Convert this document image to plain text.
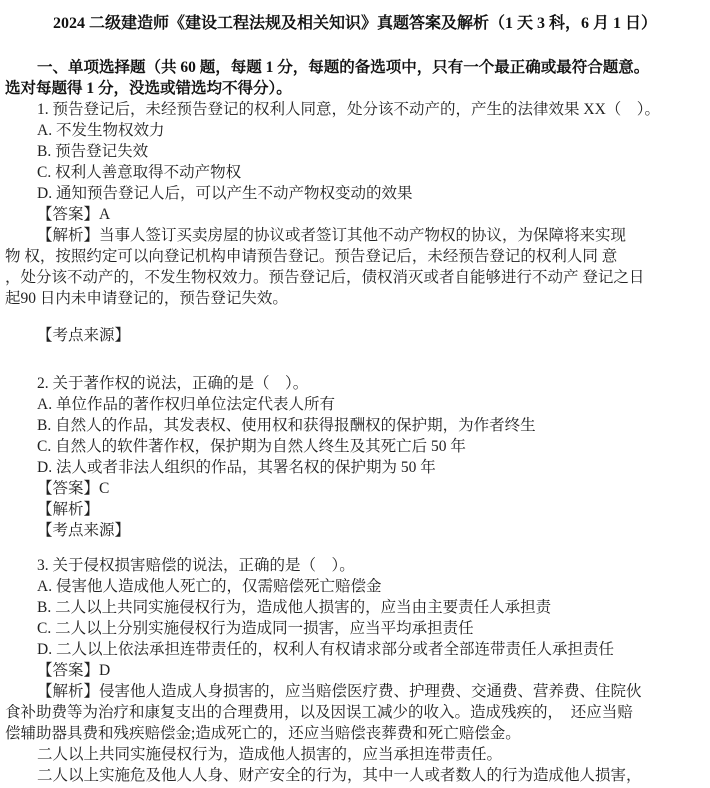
2024 二级建造师《建设工程法规及相关知识》真题答案及解析（1 天 3 科，6 月 1 日）

一、单项选择题（共 60 题，每题 1 分，每题的备选项中，只有一个最正确或最符合题意。

选对每题得 1 分，没选或错选均不得分）。

1. 预告登记后，未经预告登记的权利人同意，处分该不动产的，产生的法律效果 XX（　）。

A. 不发生物权效力

B. 预告登记失效

C. 权利人善意取得不动产物权

D. 通知预告登记人后，可以产生不动产物权变动的效果

【答案】A

【解析】当事人签订买卖房屋的协议或者签订其他不动产物权的协议，为保障将来实现

物 权，按照约定可以向登记机构申请预告登记。预告登记后，未经预告登记的权利人同 意

，处分该不动产的，不发生物权效力。预告登记后，债权消灭或者自能够进行不动产 登记之日

起90 日内未申请登记的，预告登记失效。

【考点来源】

2. 关于著作权的说法，正确的是（　）。

A. 单位作品的著作权归单位法定代表人所有

B. 自然人的作品，其发表权、使用权和获得报酬权的保护期，为作者终生

C. 自然人的软件著作权，保护期为自然人终生及其死亡后 50 年

D. 法人或者非法人组织的作品，其署名权的保护期为 50 年

【答案】C

【解析】

【考点来源】

3. 关于侵权损害赔偿的说法，正确的是（　）。

A. 侵害他人造成他人死亡的，仅需赔偿死亡赔偿金

B. 二人以上共同实施侵权行为，造成他人损害的，应当由主要责任人承担责

C. 二人以上分别实施侵权行为造成同一损害，应当平均承担责任

D. 二人以上依法承担连带责任的，权利人有权请求部分或者全部连带责任人承担责任

【答案】D

【解析】侵害他人造成人身损害的，应当赔偿医疗费、护理费、交通费、营养费、住院伙

食补助费等为治疗和康复支出的合理费用，以及因误工减少的收入。造成残疾的，  还应当赔

偿辅助器具费和残疾赔偿金;造成死亡的，还应当赔偿丧葬费和死亡赔偿金。

二人以上共同实施侵权行为，造成他人损害的，应当承担连带责任。

二人以上实施危及他人人身、财产安全的行为，其中一人或者数人的行为造成他人损害，
